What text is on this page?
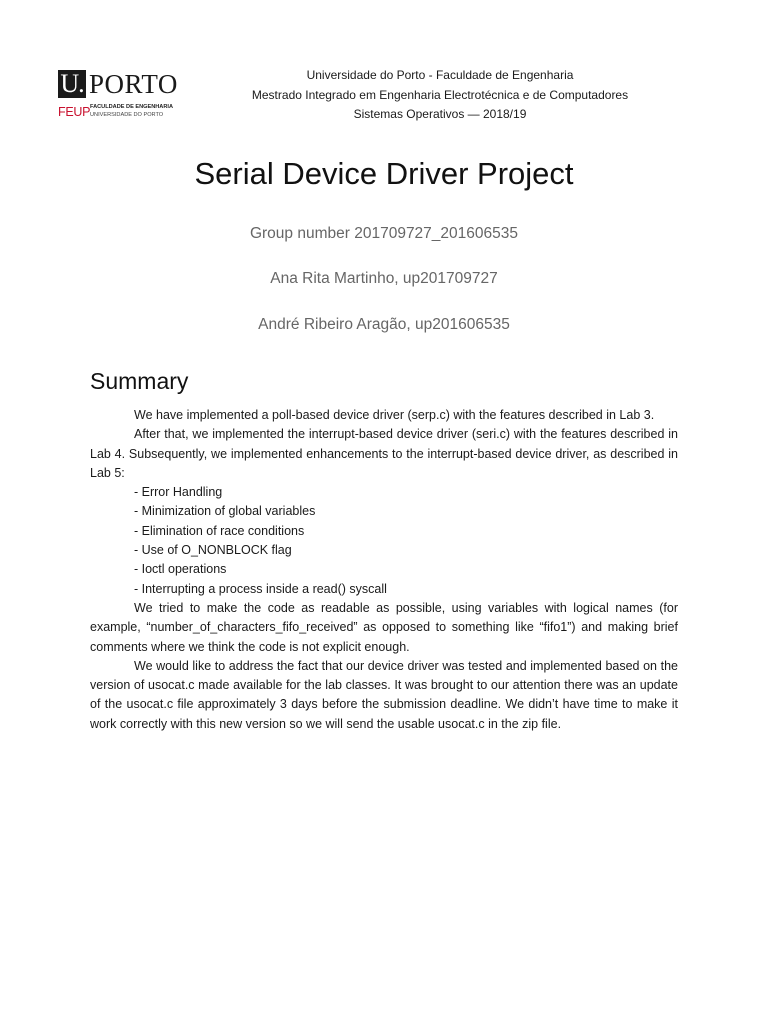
U. PORTO
FEUP FACULDADE DE ENGENHARIA
UNIVERSIDADE DO PORTO
Universidade do Porto - Faculdade de Engenharia
Mestrado Integrado em Engenharia Electrotécnica e de Computadores
Sistemas Operativos — 2018/19
Serial Device Driver Project
Group number 201709727_201606535
Ana Rita Martinho, up201709727
André Ribeiro Aragão, up201606535
Summary

We have implemented a poll-based device driver (serp.c) with the features described in Lab 3.

After that, we implemented the interrupt-based device driver (seri.c) with the features described in Lab 4. Subsequently, we implemented enhancements to the interrupt-based device driver, as described in Lab 5:

- Error Handling

- Minimization of global variables

- Elimination of race conditions

- Use of O_NONBLOCK flag

- Ioctl operations

- Interrupting a process inside a read() syscall

We tried to make the code as readable as possible, using variables with logical names (for example, “number_of_characters_fifo_received” as opposed to something like “fifo1”) and making brief comments where we think the code is not explicit enough.

We would like to address the fact that our device driver was tested and implemented based on the version of usocat.c made available for the lab classes. It was brought to our attention there was an update of the usocat.c file approximately 3 days before the submission deadline. We didn’t have time to make it work correctly with this new version so we will send the usable usocat.c in the zip file.
